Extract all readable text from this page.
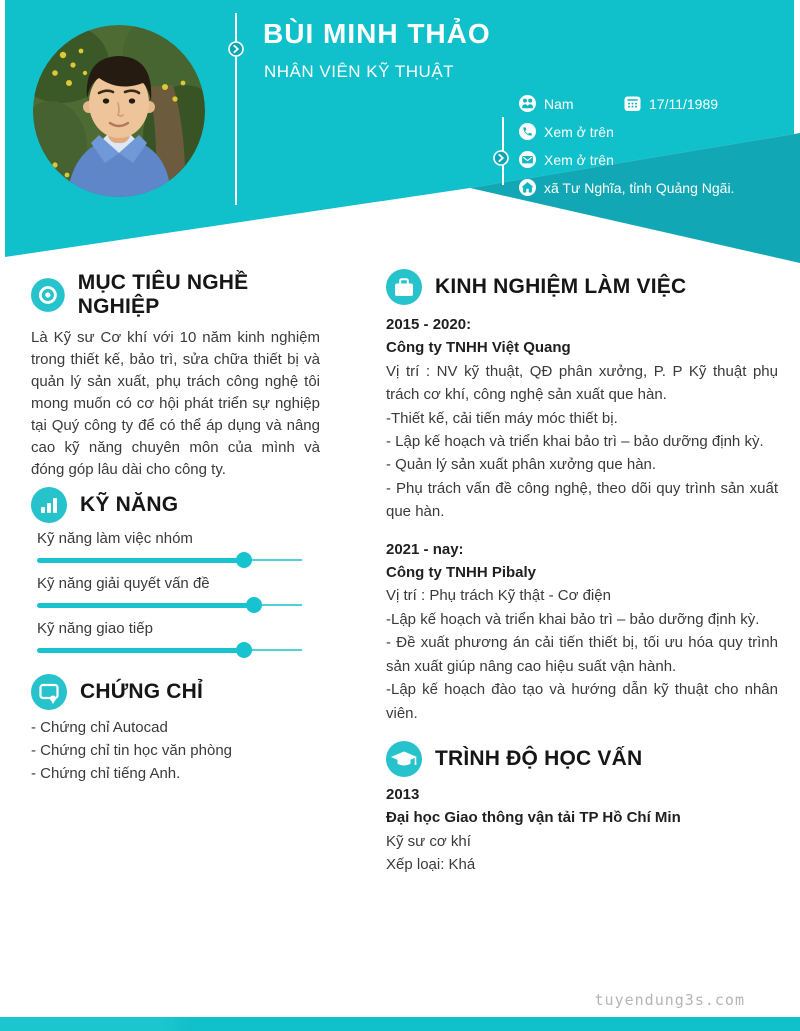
BÙI MINH THẢO
NHÂN VIÊN KỸ THUẬT
Nam	17/11/1989
Xem ở trên
Xem ở trên
xã Tư Nghĩa, tỉnh Quảng Ngãi.
MỤC TIÊU NGHỀ NGHIỆP
Là Kỹ sư Cơ khí với 10 năm kinh nghiệm trong thiết kế, bảo trì, sửa chữa thiết bị và quản lý sản xuất, phụ trách công nghệ tôi mong muốn có cơ hội phát triển sự nghiệp tại Quý công ty để có thể áp dụng và nâng cao kỹ năng chuyên môn của mình và đóng góp lâu dài cho công ty.
KỸ NĂNG
Kỹ năng làm việc nhóm
Kỹ năng giải quyết vấn đề
Kỹ năng giao tiếp
CHỨNG CHỈ
- Chứng chỉ Autocad
- Chứng chỉ tin học văn phòng
- Chứng chỉ tiếng Anh.
KINH NGHIỆM LÀM VIỆC
2015 - 2020:
Công ty TNHH Việt Quang
Vị trí : NV kỹ thuật, QĐ phân xưởng, P. P Kỹ thuật phụ trách cơ khí, công nghệ sản xuất que hàn.
-Thiết kế, cải tiến máy móc thiết bị.
- Lập kế hoạch và triển khai bảo trì – bảo dưỡng định kỳ.
- Quản lý sản xuất phân xưởng que hàn.
- Phụ trách vấn đề công nghệ, theo dõi quy trình sản xuất que hàn.
2021 - nay:
Công ty TNHH Pibaly
Vị trí : Phụ trách Kỹ thật - Cơ điện
-Lập kế hoạch và triển khai bảo trì – bảo dưỡng định kỳ.
- Đề xuất phương án cải tiến thiết bị, tối ưu hóa quy trình sản xuất giúp nâng cao hiệu suất vận hành.
-Lập kế hoạch đào tạo và hướng dẫn kỹ thuật cho nhân viên.
TRÌNH ĐỘ HỌC VẤN
2013
Đại học Giao thông vận tải TP Hồ Chí Min
Kỹ sư cơ khí
Xếp loại: Khá
tuyendung3s.com
